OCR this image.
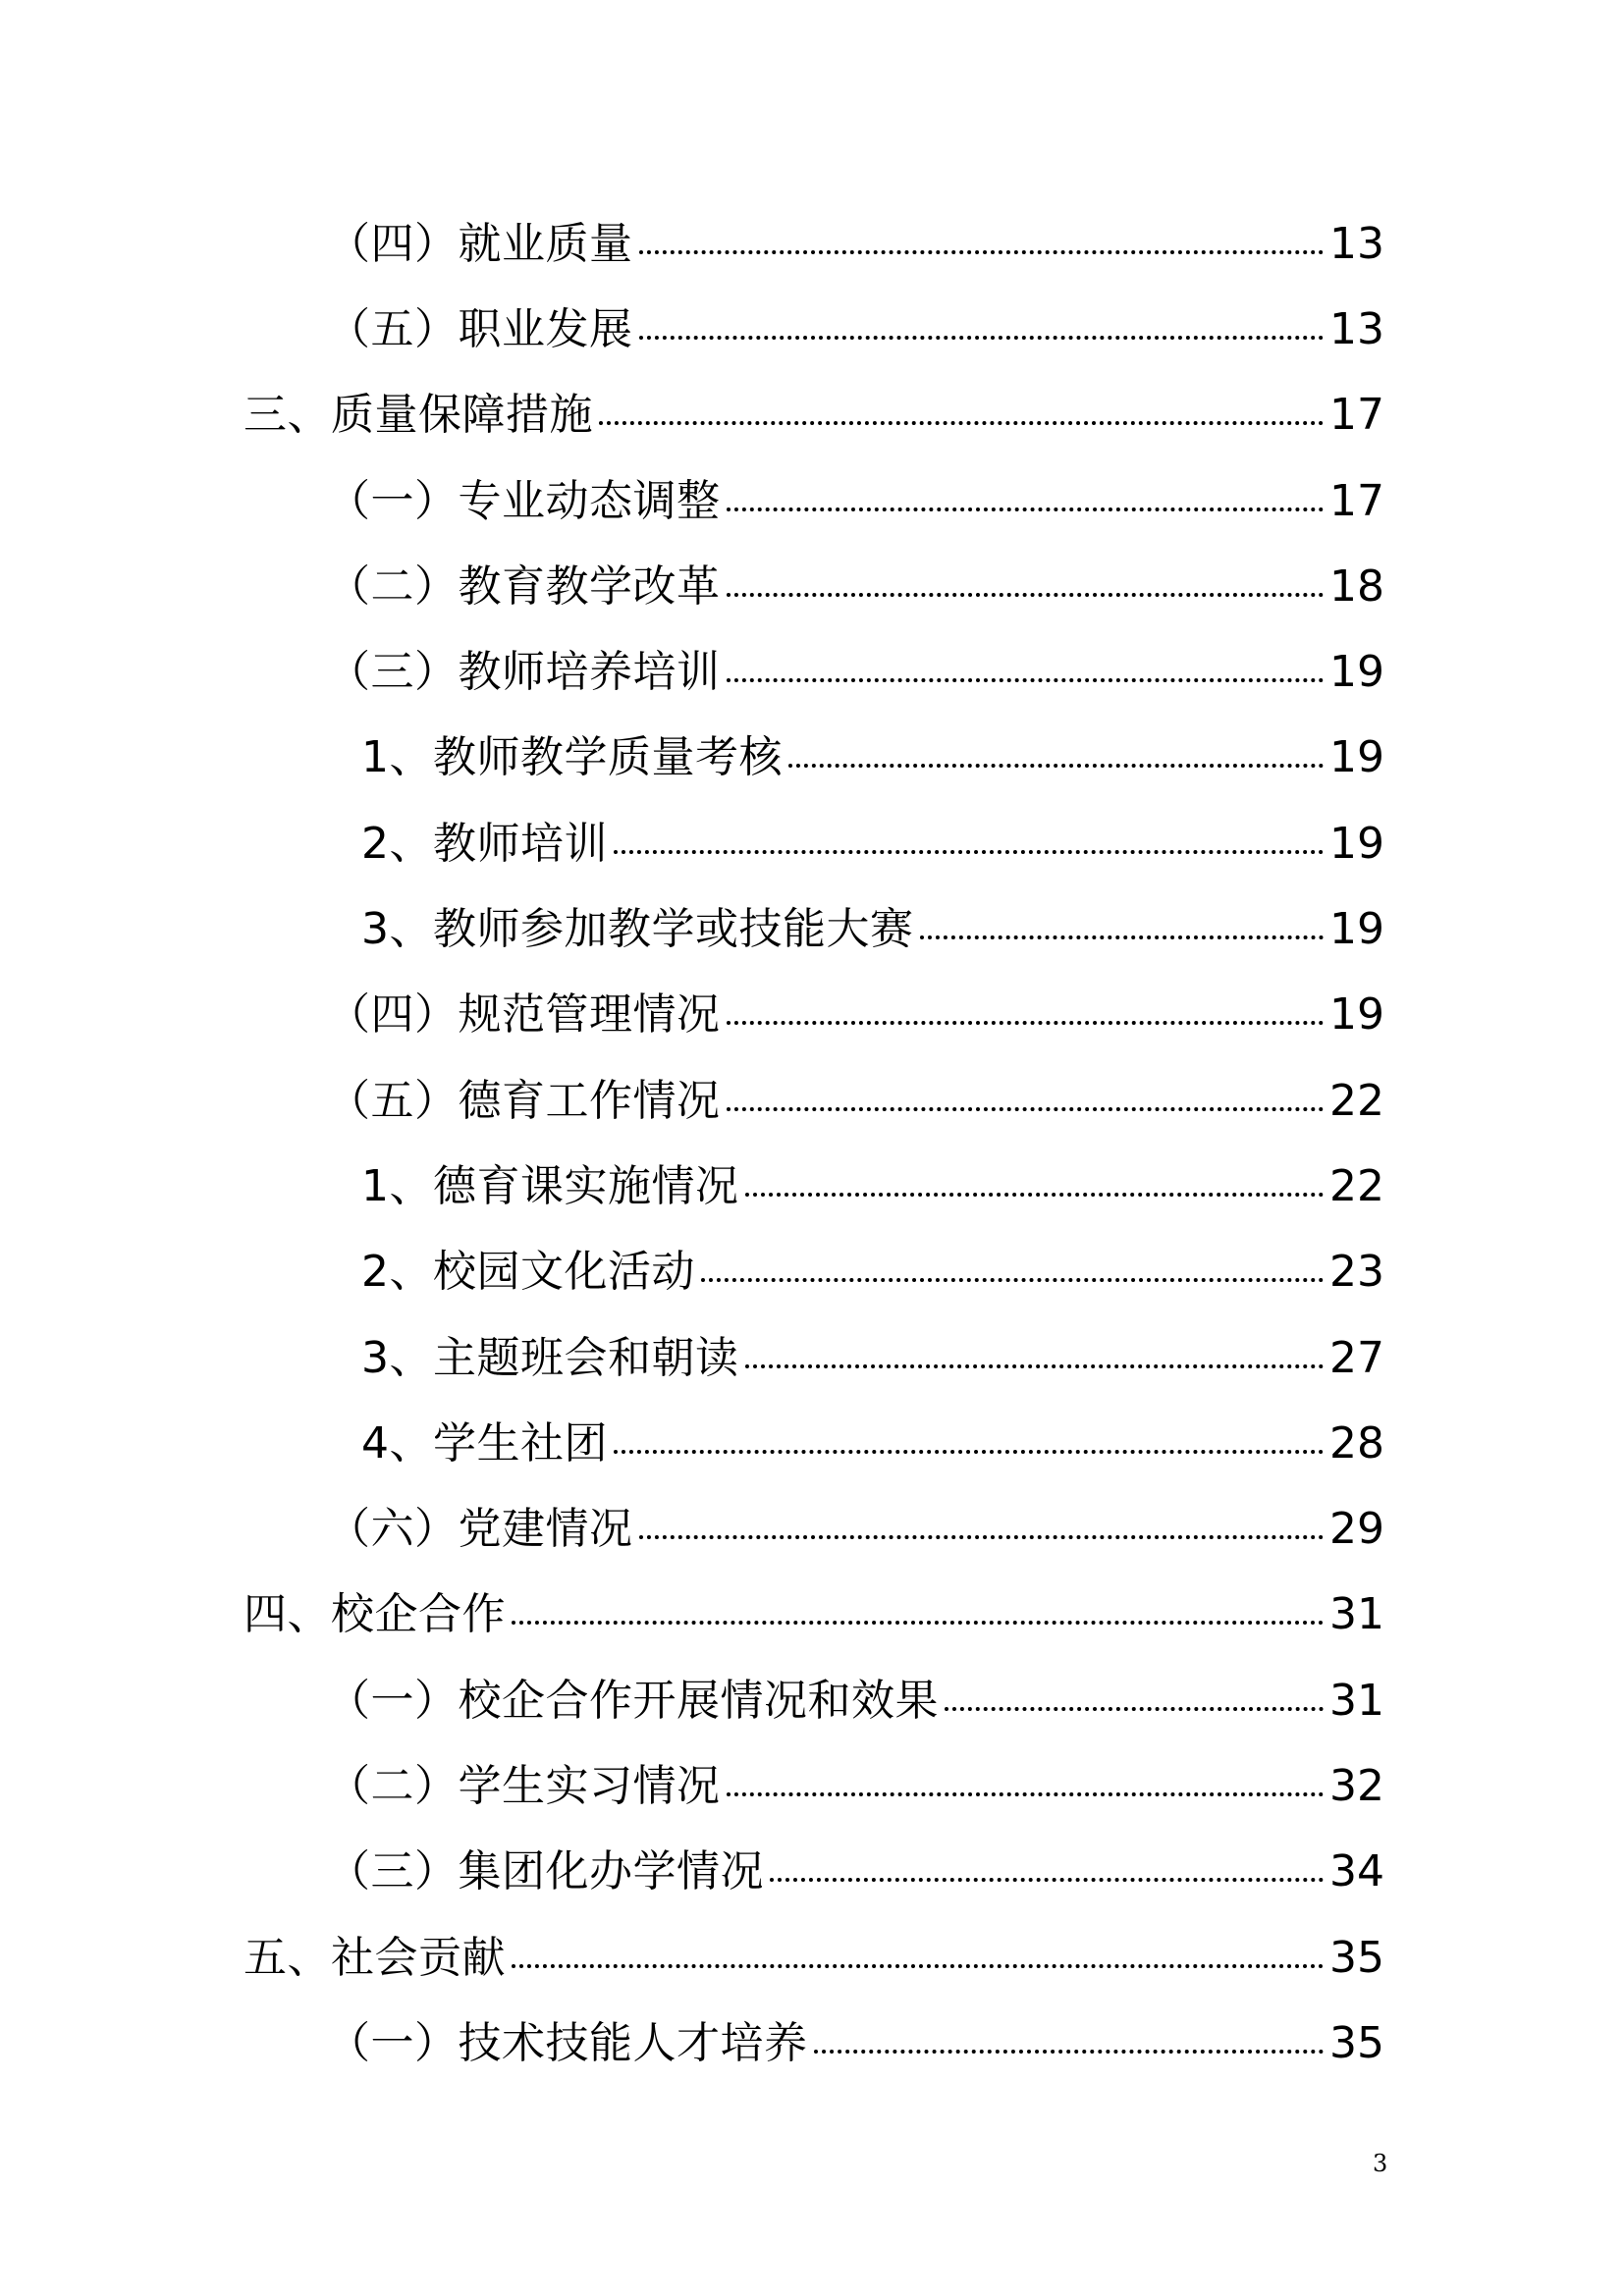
（四）就业质量	13
（五）职业发展	13
三、质量保障措施	17
（一）专业动态调整	17
（二）教育教学改革	18
（三）教师培养培训	19
1、教师教学质量考核	19
2、教师培训	19
3、教师参加教学或技能大赛	19
（四）规范管理情况	19
（五）德育工作情况	22
1、德育课实施情况	22
2、校园文化活动	23
3、主题班会和朝读	27
4、学生社团	28
（六）党建情况	29
四、校企合作	31
（一）校企合作开展情况和效果	31
（二）学生实习情况	32
（三）集团化办学情况	34
五、社会贡献	35
（一）技术技能人才培养	35
3
